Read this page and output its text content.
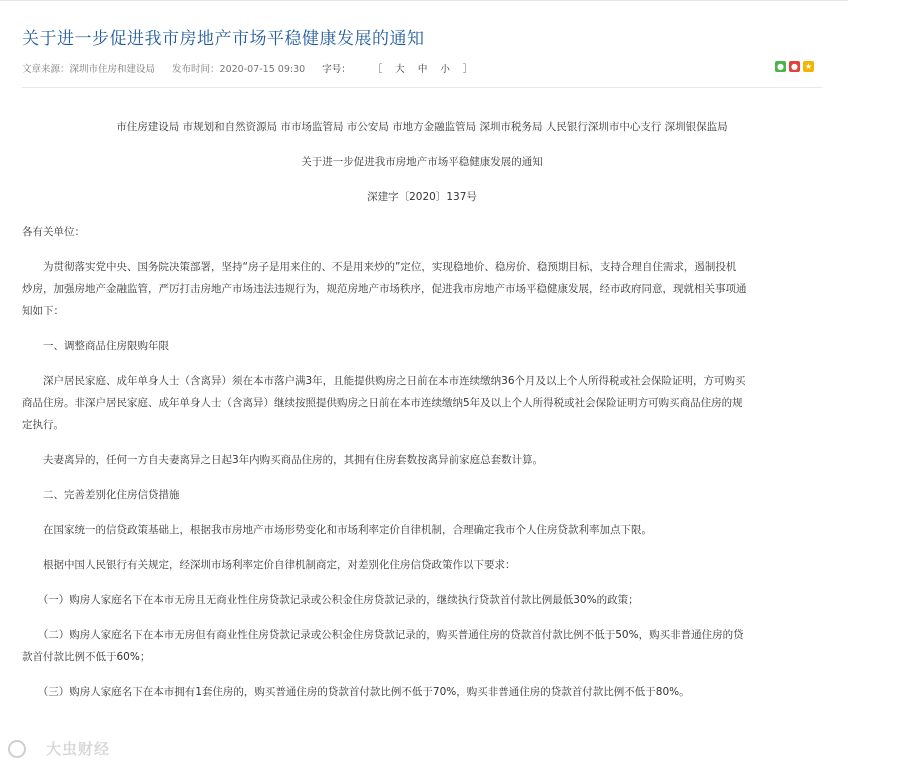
关于进一步促进我市房地产市场平稳健康发展的通知
文章来源：深圳市住房和建设局 发布时间：2020-07-15 09:30 字号： ［ 大 中 小 ］	● ● ★

市住房建设局 市规划和自然资源局 市市场监管局 市公安局 市地方金融监管局 深圳市税务局 人民银行深圳市中心支行 深圳银保监局

关于进一步促进我市房地产市场平稳健康发展的通知

深建字〔2020〕137号

各有关单位：

　　为贯彻落实党中央、国务院决策部署，坚持“房子是用来住的、不是用来炒的”定位，实现稳地价、稳房价、稳预期目标，支持合理自住需求，遏制投机

炒房，加强房地产金融监管，严厉打击房地产市场违法违规行为，规范房地产市场秩序，促进我市房地产市场平稳健康发展，经市政府同意，现就相关事项通

知如下：

　　一、调整商品住房限购年限

　　深户居民家庭、成年单身人士（含离异）须在本市落户满3年，且能提供购房之日前在本市连续缴纳36个月及以上个人所得税或社会保险证明，方可购买

商品住房。非深户居民家庭、成年单身人士（含离异）继续按照提供购房之日前在本市连续缴纳5年及以上个人所得税或社会保险证明方可购买商品住房的规

定执行。

　　夫妻离异的，任何一方自夫妻离异之日起3年内购买商品住房的，其拥有住房套数按离异前家庭总套数计算。

　　二、完善差别化住房信贷措施

　　在国家统一的信贷政策基础上，根据我市房地产市场形势变化和市场利率定价自律机制，合理确定我市个人住房贷款利率加点下限。

　　根据中国人民银行有关规定，经深圳市场利率定价自律机制商定，对差别化住房信贷政策作以下要求：

　　（一）购房人家庭名下在本市无房且无商业性住房贷款记录或公积金住房贷款记录的，继续执行贷款首付款比例最低30%的政策；

　　（二）购房人家庭名下在本市无房但有商业性住房贷款记录或公积金住房贷款记录的，购买普通住房的贷款首付款比例不低于50%，购买非普通住房的贷

款首付款比例不低于60%；

　　（三）购房人家庭名下在本市拥有1套住房的，购买普通住房的贷款首付款比例不低于70%，购买非普通住房的贷款首付款比例不低于80%。

大虫财经
